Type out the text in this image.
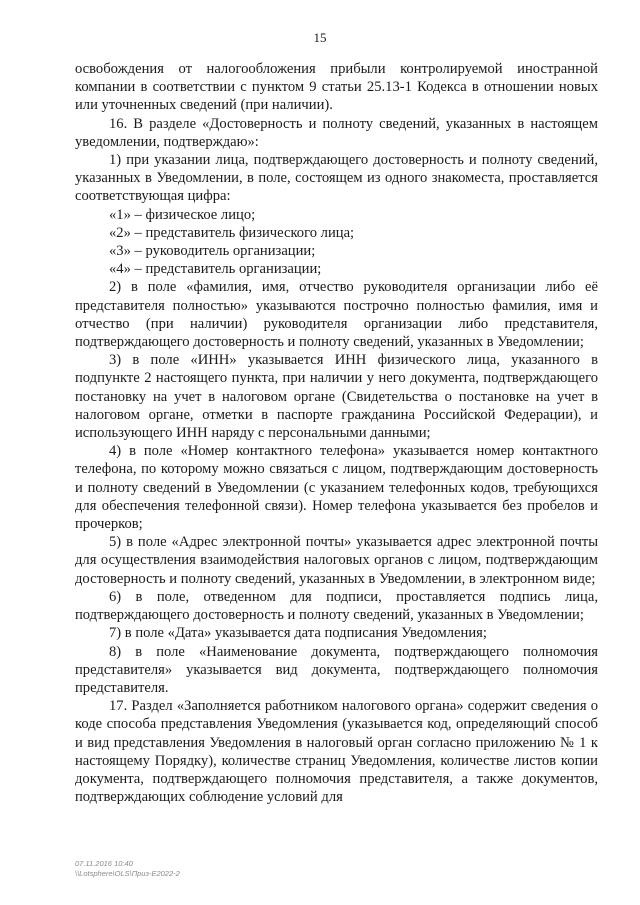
15

освобождения от налогообложения прибыли контролируемой иностранной компании в соответствии с пунктом 9 статьи 25.13-1 Кодекса в отношении новых или уточненных сведений (при наличии).

16. В разделе «Достоверность и полноту сведений, указанных в настоящем уведомлении, подтверждаю»:

1) при указании лица, подтверждающего достоверность и полноту сведений, указанных в Уведомлении, в поле, состоящем из одного знакоместа, проставляется соответствующая цифра:

«1» – физическое лицо;

«2» – представитель физического лица;

«3» – руководитель организации;

«4» – представитель организации;

2) в поле «фамилия, имя, отчество руководителя организации либо её представителя полностью» указываются построчно полностью фамилия, имя и отчество (при наличии) руководителя организации либо представителя, подтверждающего достоверность и полноту сведений, указанных в Уведомлении;

3) в поле «ИНН» указывается ИНН физического лица, указанного в подпункте 2 настоящего пункта, при наличии у него документа, подтверждающего постановку на учет в налоговом органе (Свидетельства о постановке на учет в налоговом органе, отметки в паспорте гражданина Российской Федерации), и использующего ИНН наряду с персональными данными;

4) в поле «Номер контактного телефона» указывается номер контактного телефона, по которому можно связаться с лицом, подтверждающим достоверность и полноту сведений в Уведомлении (с указанием телефонных кодов, требующихся для обеспечения телефонной связи). Номер телефона указывается без пробелов и прочерков;

5) в поле «Адрес электронной почты» указывается адрес электронной почты для осуществления взаимодействия налоговых органов с лицом, подтверждающим достоверность и полноту сведений, указанных в Уведомлении, в электронном виде;

6) в поле, отведенном для подписи, проставляется подпись лица, подтверждающего достоверность и полноту сведений, указанных в Уведомлении;

7) в поле «Дата» указывается дата подписания Уведомления;

8) в поле «Наименование документа, подтверждающего полномочия представителя» указывается вид документа, подтверждающего полномочия представителя.

17. Раздел «Заполняется работником налогового органа» содержит сведения о коде способа представления Уведомления (указывается код, определяющий способ и вид представления Уведомления в налоговый орган согласно приложению № 1 к настоящему Порядку), количестве страниц Уведомления, количестве листов копии документа, подтверждающего полномочия представителя, а также документов, подтверждающих соблюдение условий для

07.11.2016 10:40
\\Lotsphere\OLS\Приз-Е2022-2
